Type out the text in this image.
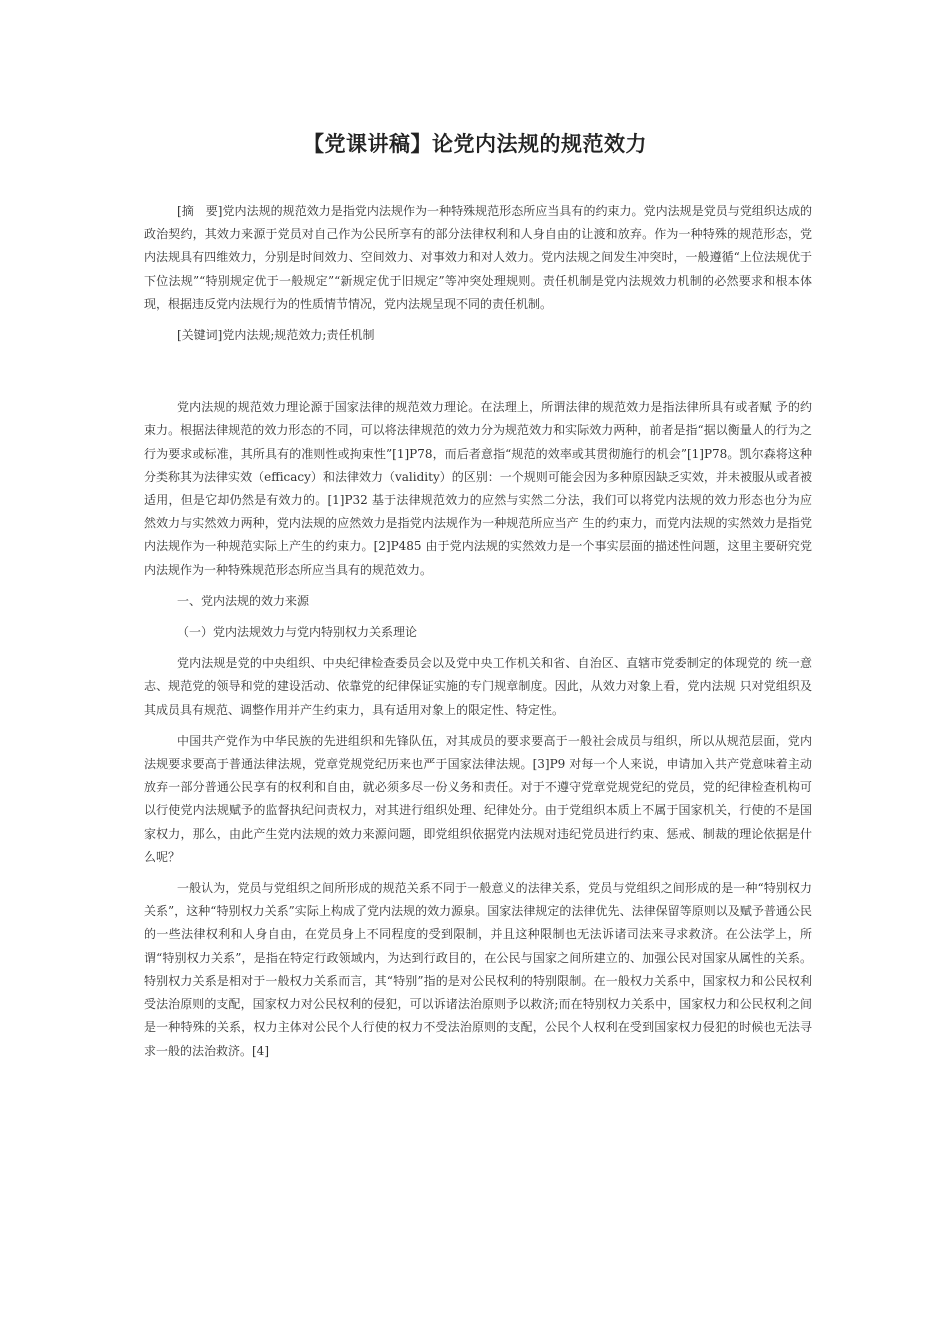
【党课讲稿】论党内法规的规范效力

[摘　要]党内法规的规范效力是指党内法规作为一种特殊规范形态所应当具有的约束力。党内法规是党员与党组织达成的政治契约，其效力来源于党员对自己作为公民所享有的部分法律权利和人身自由的让渡和放弃。作为一种特殊的规范形态，党内法规具有四维效力，分别是时间效力、空间效力、对事效力和对人效力。党内法规之间发生冲突时，一般遵循“上位法规优于下位法规”“特别规定优于一般规定”“新规定优于旧规定”等冲突处理规则。责任机制是党内法规效力机制的必然要求和根本体现，根据违反党内法规行为的性质情节情况，党内法规呈现不同的责任机制。

[关键词]党内法规;规范效力;责任机制

党内法规的规范效力理论源于国家法律的规范效力理论。在法理上，所谓法律的规范效力是指法律所具有或者赋 予的约束力。根据法律规范的效力形态的不同，可以将法律规范的效力分为规范效力和实际效力两种，前者是指“据以衡量人的行为之行为要求或标准，其所具有的准则性或拘束性”[1]P78，而后者意指“规范的效率或其贯彻施行的机会”[1]P78。凯尔森将这种分类称其为法律实效（efficacy）和法律效力（validity）的区别：一个规则可能会因为多种原因缺乏实效，并未被服从或者被适用，但是它却仍然是有效力的。[1]P32 基于法律规范效力的应然与实然二分法，我们可以将党内法规的效力形态也分为应然效力与实然效力两种，党内法规的应然效力是指党内法规作为一种规范所应当产 生的约束力，而党内法规的实然效力是指党内法规作为一种规范实际上产生的约束力。[2]P485 由于党内法规的实然效力是一个事实层面的描述性问题，这里主要研究党内法规作为一种特殊规范形态所应当具有的规范效力。

一、党内法规的效力来源

（一）党内法规效力与党内特别权力关系理论

党内法规是党的中央组织、中央纪律检查委员会以及党中央工作机关和省、自治区、直辖市党委制定的体现党的 统一意志、规范党的领导和党的建设活动、依靠党的纪律保证实施的专门规章制度。因此，从效力对象上看，党内法规 只对党组织及其成员具有规范、调整作用并产生约束力，具有适用对象上的限定性、特定性。

中国共产党作为中华民族的先进组织和先锋队伍，对其成员的要求要高于一般社会成员与组织，所以从规范层面，党内法规要求要高于普通法律法规，党章党规党纪历来也严于国家法律法规。[3]P9 对每一个人来说，申请加入共产党意味着主动放弃一部分普通公民享有的权利和自由，就必须多尽一份义务和责任。对于不遵守党章党规党纪的党员，党的纪律检查机构可以行使党内法规赋予的监督执纪问责权力，对其进行组织处理、纪律处分。由于党组织本质上不属于国家机关，行使的不是国家权力，那么，由此产生党内法规的效力来源问题，即党组织依据党内法规对违纪党员进行约束、惩戒、制裁的理论依据是什么呢？

一般认为，党员与党组织之间所形成的规范关系不同于一般意义的法律关系，党员与党组织之间形成的是一种“特别权力关系”，这种“特别权力关系”实际上构成了党内法规的效力源泉。国家法律规定的法律优先、法律保留等原则以及赋予普通公民的一些法律权利和人身自由，在党员身上不同程度的受到限制，并且这种限制也无法诉诸司法来寻求救济。在公法学上，所谓“特别权力关系”，是指在特定行政领域内，为达到行政目的，在公民与国家之间所建立的、加强公民对国家从属性的关系。特别权力关系是相对于一般权力关系而言，其“特别”指的是对公民权利的特别限制。在一般权力关系中，国家权力和公民权利受法治原则的支配，国家权力对公民权利的侵犯，可以诉诸法治原则予以救济;而在特别权力关系中，国家权力和公民权利之间是一种特殊的关系，权力主体对公民个人行使的权力不受法治原则的支配，公民个人权利在受到国家权力侵犯的时候也无法寻求一般的法治救济。[4]
